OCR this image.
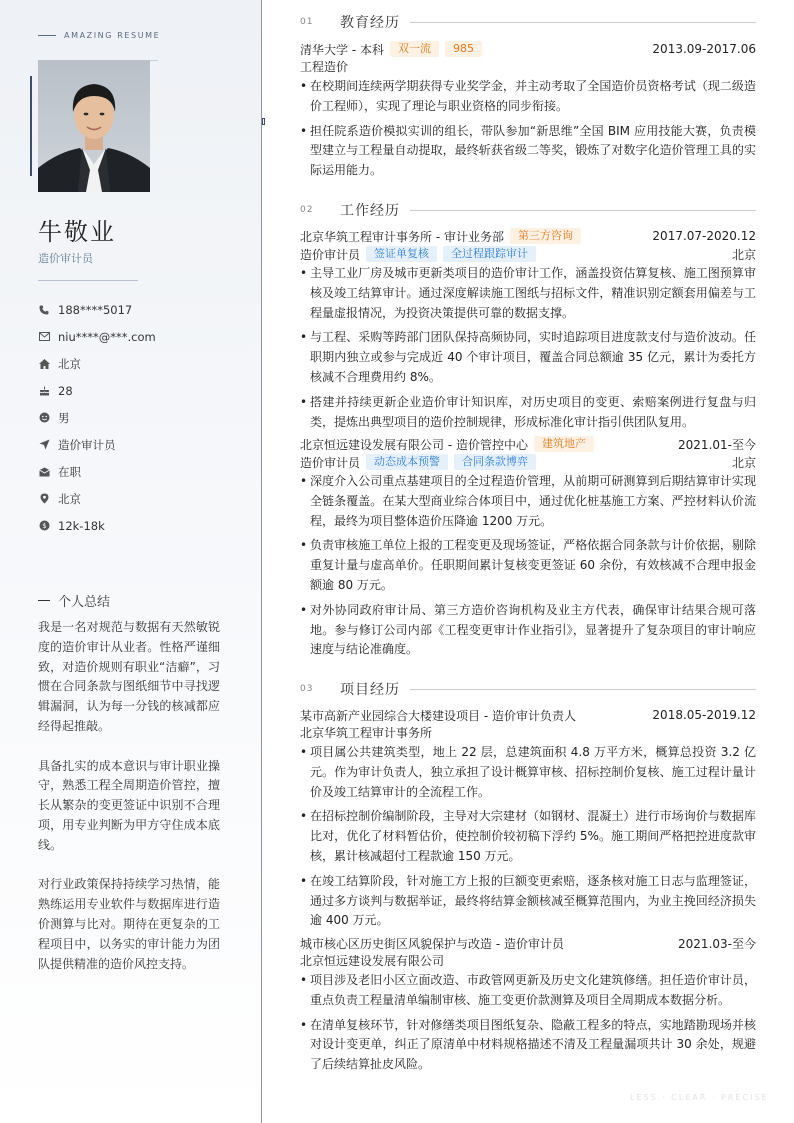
AMAZING RESUME
牛敬业
造价审计员
188****5017
niu****@***.com
北京
28
男
造价审计员
在职
北京
$ 12k-18k
个人总结

我是一名对规范与数据有天然敏锐度的造价审计从业者。性格严谨细致，对造价规则有职业“洁癖”，习惯在合同条款与图纸细节中寻找逻辑漏洞，认为每一分钱的核减都应经得起推敲。

具备扎实的成本意识与审计职业操守，熟悉工程全周期造价管控，擅长从繁杂的变更签证中识别不合理项，用专业判断为甲方守住成本底线。

对行业政策保持持续学习热情，能熟练运用专业软件与数据库进行造价测算与比对。期待在更复杂的工程项目中，以务实的审计能力为团队提供精准的造价风控支持。

01	教育经历
清华大学 - 本科	双一流	985	2013.09-2017.06
工程造价
• 在校期间连续两学期获得专业奖学金，并主动考取了全国造价员资格考试（现二级造价工程师），实现了理论与职业资格的同步衔接。
• 担任院系造价模拟实训的组长，带队参加“新思维”全国 BIM 应用技能大赛，负责模型建立与工程量自动提取，最终斩获省级二等奖，锻炼了对数字化造价管理工具的实际运用能力。
02	工作经历
北京华筑工程审计事务所 - 审计业务部	第三方咨询	2017.07-2020.12
造价审计员	签证单复核	全过程跟踪审计	北京
• 主导工业厂房及城市更新类项目的造价审计工作，涵盖投资估算复核、施工图预算审核及竣工结算审计。通过深度解读施工图纸与招标文件，精准识别定额套用偏差与工程量虚报情况，为投资决策提供可靠的数据支撑。
• 与工程、采购等跨部门团队保持高频协同，实时追踪项目进度款支付与造价波动。任职期内独立或参与完成近 40 个审计项目，覆盖合同总额逾 35 亿元，累计为委托方核减不合理费用约 8%。
• 搭建并持续更新企业造价审计知识库，对历史项目的变更、索赔案例进行复盘与归类，提炼出典型项目的造价控制规律，形成标准化审计指引供团队复用。
北京恒远建设发展有限公司 - 造价管控中心	建筑地产	2021.01-至今
造价审计员	动态成本预警	合同条款博弈	北京
• 深度介入公司重点基建项目的全过程造价管理，从前期可研测算到后期结算审计实现全链条覆盖。在某大型商业综合体项目中，通过优化桩基施工方案、严控材料认价流程，最终为项目整体造价压降逾 1200 万元。
• 负责审核施工单位上报的工程变更及现场签证，严格依据合同条款与计价依据，剔除重复计量与虚高单价。任职期间累计复核变更签证 60 余份，有效核减不合理申报金额逾 80 万元。
• 对外协同政府审计局、第三方造价咨询机构及业主方代表，确保审计结果合规可落地。参与修订公司内部《工程变更审计作业指引》，显著提升了复杂项目的审计响应速度与结论准确度。
03	项目经历
某市高新产业园综合大楼建设项目 - 造价审计负责人	2018.05-2019.12
北京华筑工程审计事务所
• 项目属公共建筑类型，地上 22 层，总建筑面积 4.8 万平方米，概算总投资 3.2 亿元。作为审计负责人，独立承担了设计概算审核、招标控制价复核、施工过程计量计价及竣工结算审计的全流程工作。
• 在招标控制价编制阶段，主导对大宗建材（如钢材、混凝土）进行市场询价与数据库比对，优化了材料暂估价，使控制价较初稿下浮约 5%。施工期间严格把控进度款审核，累计核减超付工程款逾 150 万元。
• 在竣工结算阶段，针对施工方上报的巨额变更索赔，逐条核对施工日志与监理签证，通过多方谈判与数据举证，最终将结算金额核减至概算范围内，为业主挽回经济损失逾 400 万元。
城市核心区历史街区风貌保护与改造 - 造价审计员	2021.03-至今
北京恒远建设发展有限公司
• 项目涉及老旧小区立面改造、市政管网更新及历史文化建筑修缮。担任造价审计员，重点负责工程量清单编制审核、施工变更价款测算及项目全周期成本数据分析。
• 在清单复核环节，针对修缮类项目图纸复杂、隐蔽工程多的特点，实地踏勘现场并核对设计变更单，纠正了原清单中材料规格描述不清及工程量漏项共计 30 余处，规避了后续结算扯皮风险。
LESS · CLEAR · PRECISE
